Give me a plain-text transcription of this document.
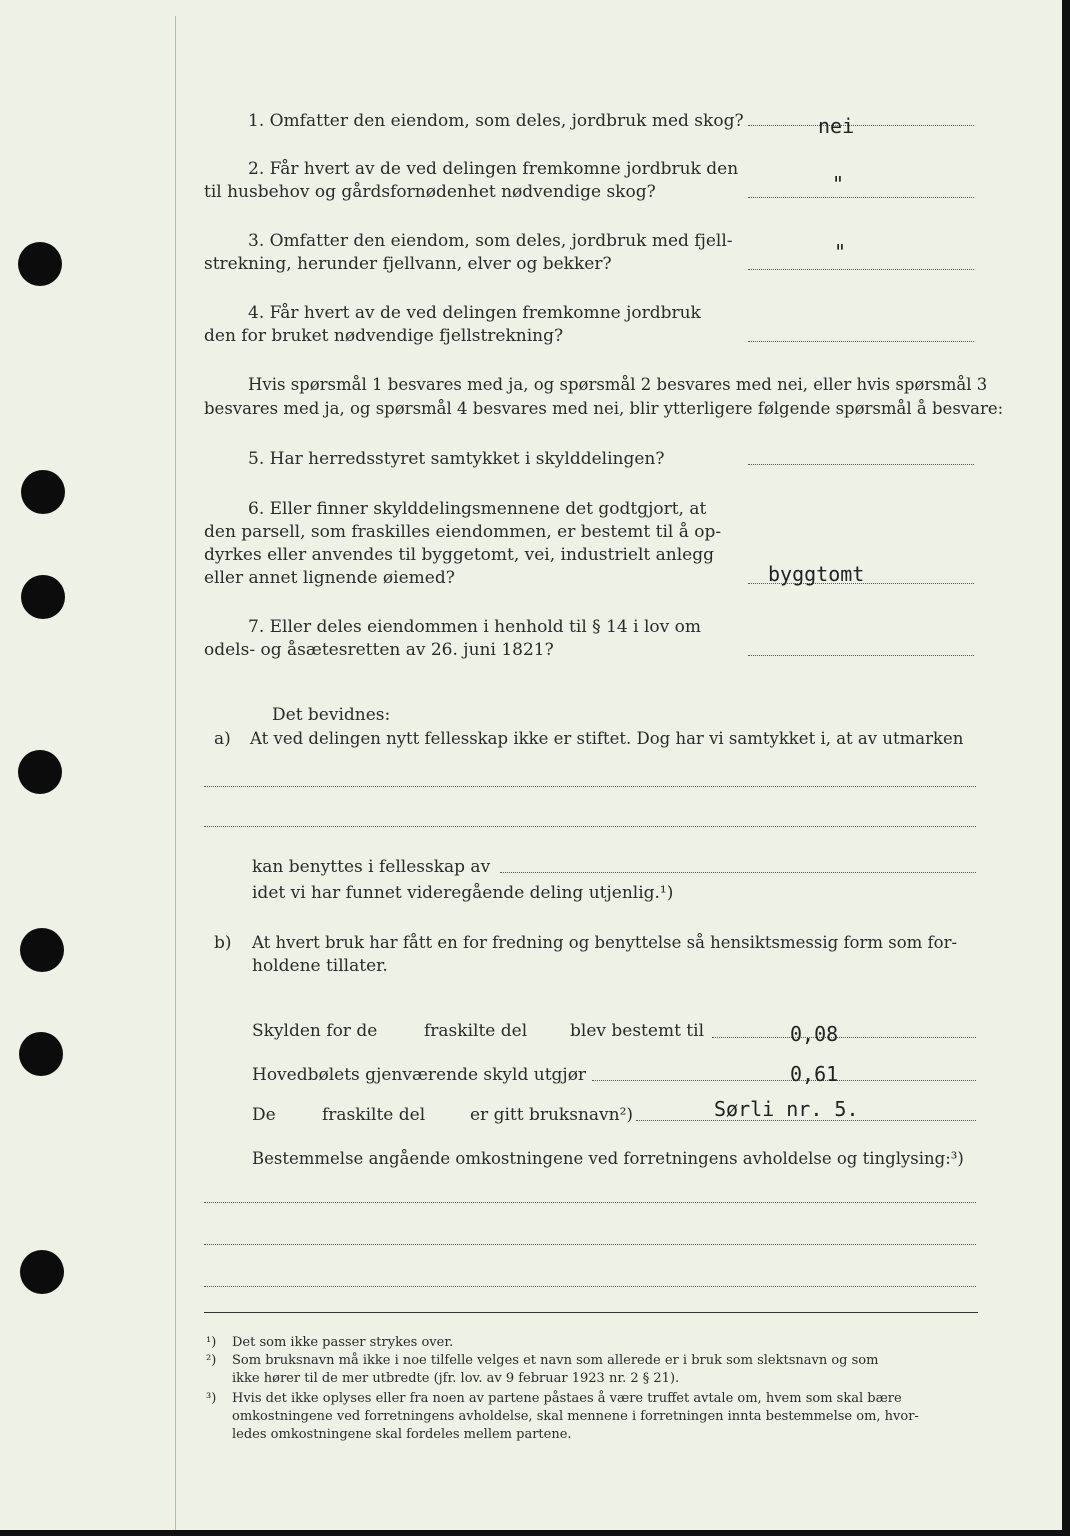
1. Omfatter den eiendom, som deles, jordbruk med skog?	nei
2. Får hvert av de ved delingen fremkomne jordbruk den
til husbehov og gårdsfornødenhet nødvendige skog?	"
3. Omfatter den eiendom, som deles, jordbruk med fjell-
strekning, herunder fjellvann, elver og bekker?	"
4. Får hvert av de ved delingen fremkomne jordbruk
den for bruket nødvendige fjellstrekning?
Hvis spørsmål 1 besvares med ja, og spørsmål 2 besvares med nei, eller hvis spørsmål 3
besvares med ja, og spørsmål 4 besvares med nei, blir ytterligere følgende spørsmål å besvare:
5. Har herredsstyret samtykket i skylddelingen?
6. Eller finner skylddelingsmennene det godtgjort, at
den parsell, som fraskilles eiendommen, er bestemt til å op-
dyrkes eller anvendes til byggetomt, vei, industrielt anlegg
eller annet lignende øiemed?	byggtomt
7. Eller deles eiendommen i henhold til § 14 i lov om
odels- og åsætesretten av 26. juni 1821?
Det bevidnes:
a) At ved delingen nytt fellesskap ikke er stiftet. Dog har vi samtykket i, at av utmarken
kan benyttes i fellesskap av
idet vi har funnet videregående deling utjenlig.¹)
b) At hvert bruk har fått en for fredning og benyttelse så hensiktsmessig form som for-
holdene tillater.
Skylden for de	fraskilte del	blev bestemt til	0,08
Hovedbølets gjenværende skyld utgjør	0,61
De	fraskilte del	er gitt bruksnavn²)	Sørli nr. 5.
Bestemmelse angående omkostningene ved forretningens avholdelse og tinglysing:³)
¹) Det som ikke passer strykes over.
²) Som bruksnavn må ikke i noe tilfelle velges et navn som allerede er i bruk som slektsnavn og som
ikke hører til de mer utbredte (jfr. lov. av 9 februar 1923 nr. 2 § 21).
³) Hvis det ikke oplyses eller fra noen av partene påstaes å være truffet avtale om, hvem som skal bære
omkostningene ved forretningens avholdelse, skal mennene i forretningen innta bestemmelse om, hvor-
ledes omkostningene skal fordeles mellem partene.
